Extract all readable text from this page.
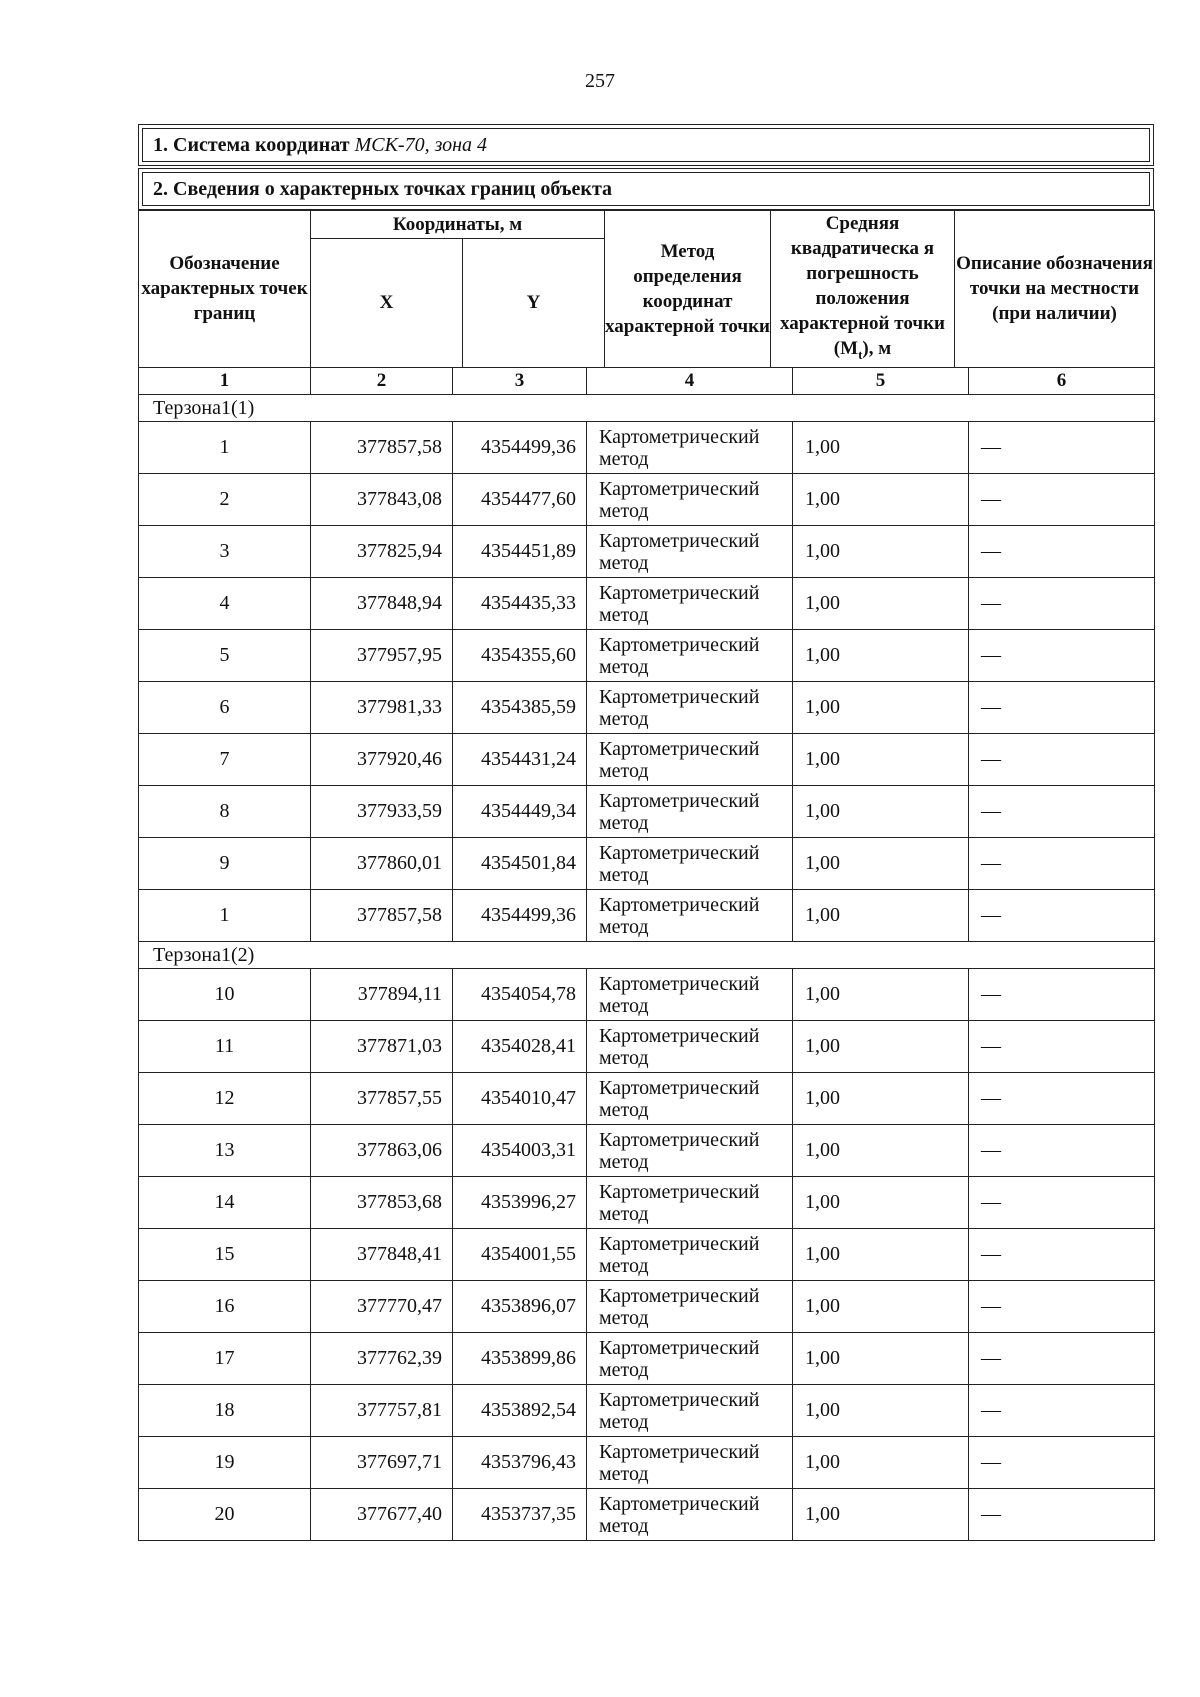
257
1. Система координат МСК-70, зона 4
2. Сведения о характерных точках границ объекта
Обозначение характерных точек границ	Координаты, м		Метод определения координат характерной точки	Средняя квадратическа я погрешность положения характерной точки $(M_t)$, м	Описание обозначения точки на местности (при наличии)
	X	Y			
1	2	3	4	5	6
Терзона1(1)					
1	377857,58	4354499,36	Картометрический метод	1,00	—
2	377843,08	4354477,60	Картометрический метод	1,00	—
3	377825,94	4354451,89	Картометрический метод	1,00	—
4	377848,94	4354435,33	Картометрический метод	1,00	—
5	377957,95	4354355,60	Картометрический метод	1,00	—
6	377981,33	4354385,59	Картометрический метод	1,00	—
7	377920,46	4354431,24	Картометрический метод	1,00	—
8	377933,59	4354449,34	Картометрический метод	1,00	—
9	377860,01	4354501,84	Картометрический метод	1,00	—
1	377857,58	4354499,36	Картометрический метод	1,00	—
Терзона1(2)					
10	377894,11	4354054,78	Картометрический метод	1,00	—
11	377871,03	4354028,41	Картометрический метод	1,00	—
12	377857,55	4354010,47	Картометрический метод	1,00	—
13	377863,06	4354003,31	Картометрический метод	1,00	—
14	377853,68	4353996,27	Картометрический метод	1,00	—
15	377848,41	4354001,55	Картометрический метод	1,00	—
16	377770,47	4353896,07	Картометрический метод	1,00	—
17	377762,39	4353899,86	Картометрический метод	1,00	—
18	377757,81	4353892,54	Картометрический метод	1,00	—
19	377697,71	4353796,43	Картометрический метод	1,00	—
20	377677,40	4353737,35	Картометрический метод	1,00	—
